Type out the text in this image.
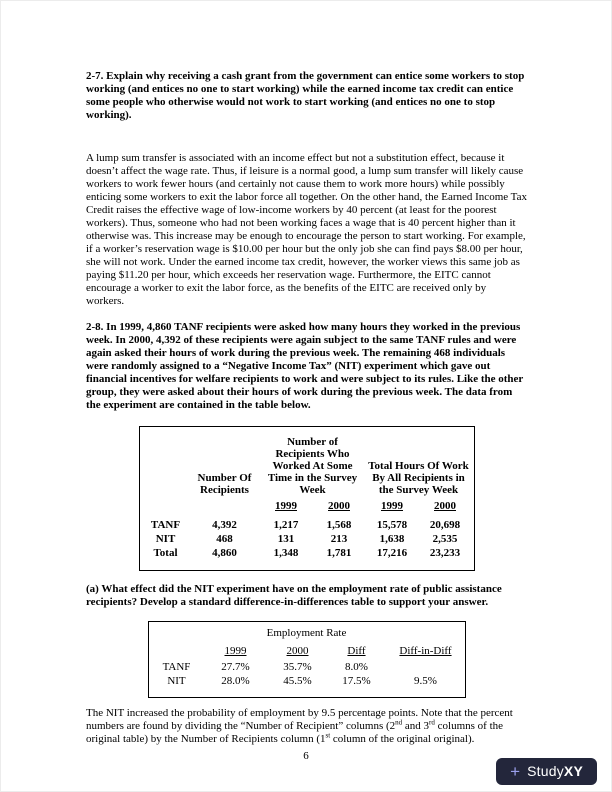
2-7. Explain why receiving a cash grant from the government can entice some workers to stop working (and entices no one to start working) while the earned income tax credit can entice some people who otherwise would not work to start working (and entices no one to stop working).

A lump sum transfer is associated with an income effect but not a substitution effect, because it doesn’t affect the wage rate. Thus, if leisure is a normal good, a lump sum transfer will likely cause workers to work fewer hours (and certainly not cause them to work more hours) while possibly enticing some workers to exit the labor force all together. On the other hand, the Earned Income Tax Credit raises the effective wage of low-income workers by 40 percent (at least for the poorest workers). Thus, someone who had not been working faces a wage that is 40 percent higher than it otherwise was. This increase may be enough to encourage the person to start working. For example, if a worker’s reservation wage is $10.00 per hour but the only job she can find pays $8.00 per hour, she will not work. Under the earned income tax credit, however, the worker views this same job as paying $11.20 per hour, which exceeds her reservation wage. Furthermore, the EITC cannot encourage a worker to exit the labor force, as the benefits of the EITC are received only by workers.

2-8. In 1999, 4,860 TANF recipients were asked how many hours they worked in the previous week. In 2000, 4,392 of these recipients were again subject to the same TANF rules and were again asked their hours of work during the previous week. The remaining 468 individuals were randomly assigned to a “Negative Income Tax” (NIT) experiment which gave out financial incentives for welfare recipients to work and were subject to its rules. Like the other group, they were asked about their hours of work during the previous week. The data from the experiment are contained in the table below.

	Number Of Recipients	Number of Recipients Who Worked At Some Time in the Survey Week		Total Hours Of Work By All Recipients in the Survey Week	
		1999	2000	1999	2000
TANF	4,392	1,217	1,568	15,578	20,698
NIT	468	131	213	1,638	2,535
Total	4,860	1,348	1,781	17,216	23,233

(a) What effect did the NIT experiment have on the employment rate of public assistance recipients? Develop a standard difference-in-differences table to support your answer.

Employment Rate
	1999	2000	Diff	Diff-in-Diff
TANF	27.7%	35.7%	8.0%	
NIT	28.0%	45.5%	17.5%	9.5%

The NIT increased the probability of employment by 9.5 percentage points. Note that the percent numbers are found by dividing the “Number of Recipient” columns (2nd and 3rd columns of the original table) by the Number of Recipients column (1st column of the original original).

6
+ StudyXY
